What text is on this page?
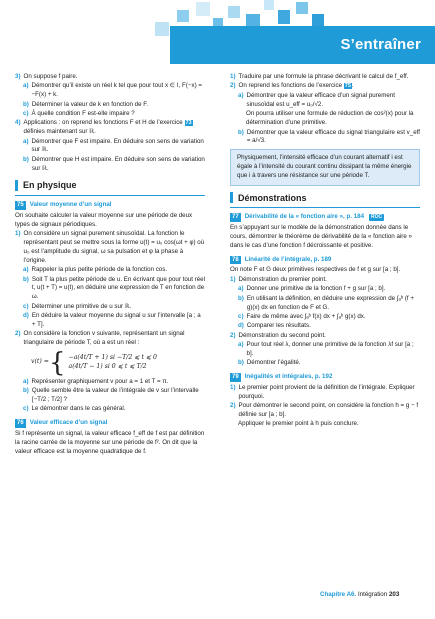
S’entraîner
3) On suppose f paire.
a) Démontrer qu’il existe un réel k tel que pour tout x ∈ I, F(−x) = −F(x) + k.
b) Déterminer la valeur de k en fonction de F.
c) À quelle condition F est-elle impaire ?
4) Applications : on reprend les fonctions F et H de l’exercice 73 définies maintenant sur ℝ.
a) Démontrer que F est impaire. En déduire son sens de variation sur ℝ.
b) Démontrer que H est impaire. En déduire son sens de variation sur ℝ.
En physique
75 Valeur moyenne d’un signal

On souhaite calculer la valeur moyenne sur une période de deux types de signaux périodiques.

1) On considère un signal purement sinusoïdal. La fonction le représentant peut se mettre sous la forme u(t) = u₀ cos(ωt + φ) où u₀ est l’amplitude du signal, ω sa pulsation et φ la phase à l’origine.
a) Rappeler la plus petite période de la fonction cos.
b) Soit T la plus petite période de u. En écrivant que pour tout réel t, u(t + T) = u(t), en déduire une expression de T en fonction de ω.
c) Déterminer une primitive de u sur ℝ.
d) En déduire la valeur moyenne du signal u sur l’intervalle [a ; a + T].
2) On considère la fonction v suivante, représentant un signal triangulaire de période T, où a est un réel :
v(t) = { −a(4t/T + 1) si −T/2 ⩽ t ⩽ 0
a(4t/T − 1) si 0 ⩽ t ⩽ T/2
a) Représenter graphiquement v pour a = 1 et T = π.
b) Quelle semble être la valeur de l’intégrale de v sur l’intervalle [−T/2 ; T/2] ?
c) Le démontrer dans le cas général.
76 Valeur efficace d’un signal

Si f représente un signal, la valeur efficace f_eff de f est par définition la racine carrée de la moyenne sur une période de f². On dit que la valeur efficace est la moyenne quadratique de f.

1) Traduire par une formule la phrase décrivant le calcul de f_eff.
2) On reprend les fonctions de l’exercice 75.
a) Démontrer que la valeur efficace d’un signal purement sinusoïdal est u_eff = u₀/√2.

On pourra utiliser une formule de réduction de cos²(x) pour la détermination d’une primitive.

b) Démontrer que la valeur efficace du signal triangulaire est v_eff = a/√3.
Physiquement, l’intensité efficace d’un courant alternatif i est égale à l’intensité du courant continu dissipant la même énergie que i à travers une résistance sur une période T.
Démonstrations
77 Dérivabilité de la « fonction aire », p. 184	ROC

En s’appuyant sur le modèle de la démonstration donnée dans le cours, démontrer le théorème de dérivabilité de la « fonction aire » dans le cas d’une fonction f décroissante et positive.

78 Linéarité de l’intégrale, p. 189

On note F et G deux primitives respectives de f et g sur [a ; b].

1) Démonstration du premier point.
a) Donner une primitive de la fonction f + g sur [a ; b].
b) En utilisant la définition, en déduire une expression de ∫ₐᵇ (f + g)(x) dx en fonction de F et G.
c) Faire de même avec ∫ₐᵇ f(x) dx + ∫ₐᵇ g(x) dx.
d) Comparer les résultats.
2) Démonstration du second point.
a) Pour tout réel λ, donner une primitive de la fonction λf sur [a ; b].
b) Démontrer l’égalité.
79 Inégalités et intégrales, p. 192
1) Le premier point provient de la définition de l’intégrale. Expliquer pourquoi.
2) Pour démontrer le second point, on considère la fonction h = g − f définie sur [a ; b].

Appliquer le premier point à h puis conclure.

Chapitre A6. Intégration 203
